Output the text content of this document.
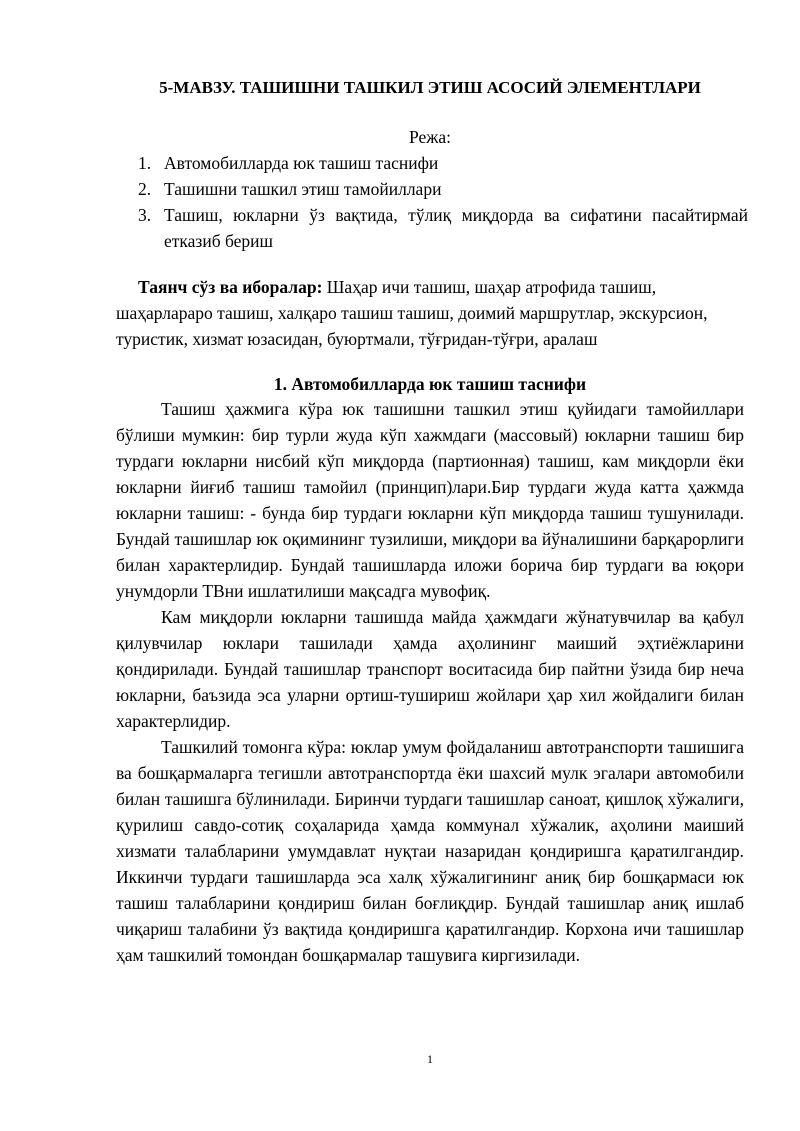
5-МАВЗУ. ТАШИШНИ ТАШКИЛ ЭТИШ АСОСИЙ ЭЛЕМЕНТЛАРИ
Режа:
1. Автомобилларда юк ташиш таснифи
2. Ташишни ташкил этиш тамойиллари
3. Ташиш, юкларни ўз вақтида, тўлиқ миқдорда ва сифатини пасайтирмай етказиб бериш
Таянч сўз ва иборалар: Шаҳар ичи ташиш, шаҳар атрофида ташиш, шаҳарлараро ташиш, халқаро ташиш ташиш, доимий маршрутлар, экскурсион, туристик, хизмат юзасидан, буюртмали, тўғридан-тўғри, аралаш
1. Автомобилларда юк ташиш таснифи

Ташиш ҳажмига кўра юк ташишни ташкил этиш қуйидаги тамойиллари бўлиши мумкин: бир турли жуда кўп хажмдаги (массовый) юкларни ташиш бир турдаги юкларни нисбий кўп миқдорда (партионная) ташиш, кам миқдорли ёки юкларни йиғиб ташиш тамойил (принцип)лари.Бир турдаги жуда катта ҳажмда юкларни ташиш: - бунда бир турдаги юкларни кўп миқдорда ташиш тушунилади. Бундай ташишлар юк оқимининг тузилиши, миқдори ва йўналишини барқарорлиги билан характерлидир. Бундай ташишларда иложи борича бир турдаги ва юқори унумдорли ТВни ишлатилиши мақсадга мувофиқ.

Кам миқдорли юкларни ташишда майда ҳажмдаги жўнатувчилар ва қабул қилувчилар юклари ташилади ҳамда аҳолининг маиший эҳтиёжларини қондирилади. Бундай ташишлар транспорт воситасида бир пайтни ўзида бир неча юкларни, баъзида эса уларни ортиш-тушириш жойлари ҳар хил жойдалиги билан характерлидир.

Ташкилий томонга кўра: юклар умум фойдаланиш автотранспорти ташишига ва бошқармаларга тегишли автотранспортда ёки шахсий мулк эгалари автомобили билан ташишга бўлинилади. Биринчи турдаги ташишлар саноат, қишлоқ хўжалиги, қурилиш савдо-сотиқ соҳаларида ҳамда коммунал хўжалик, аҳолини маиший хизмати талабларини умумдавлат нуқтаи назаридан қондиришга қаратилгандир. Иккинчи турдаги ташишларда эса халқ хўжалигининг аниқ бир бошқармаси юк ташиш талабларини қондириш билан боғлиқдир. Бундай ташишлар аниқ ишлаб чиқариш талабини ўз вақтида қондиришга қаратилгандир. Корхона ичи ташишлар ҳам ташкилий томондан бошқармалар ташувига киргизилади.

1
